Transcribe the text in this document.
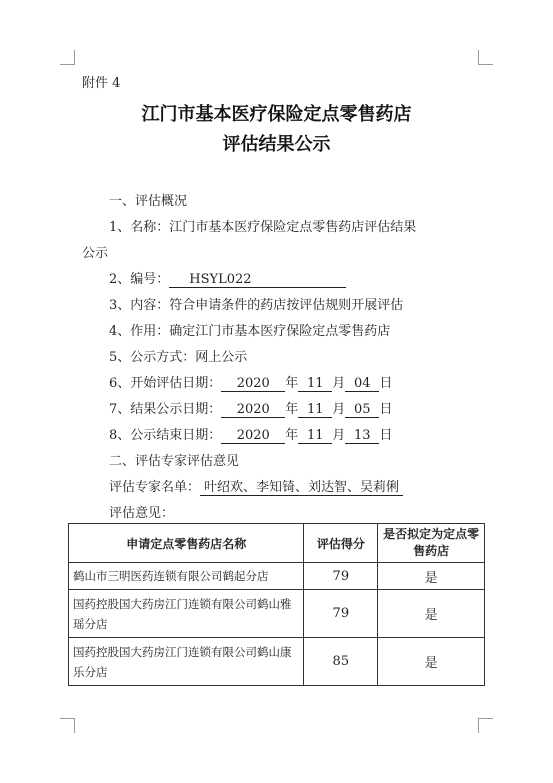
附件 4
江门市基本医疗保险定点零售药店
评估结果公示
一、评估概况
1、名称：江门市基本医疗保险定点零售药店评估结果
公示
2、编号： HSYL022
3、内容：符合申请条件的药店按评估规则开展评估
4、作用：确定江门市基本医疗保险定点零售药店
5、公示方式：网上公示
6、开始评估日期： 2020 年 11 月 04 日
7、结果公示日期： 2020 年 11 月 05 日
8、公示结束日期： 2020 年 11 月 13 日
二、评估专家评估意见
评估专家名单： 叶绍欢、李知锜、刘达智、吴莉俐
评估意见：
申请定点零售药店名称	评估得分	是否拟定为定点零售药店
鹤山市三明医药连锁有限公司鹤起分店	79	是
国药控股国大药房江门连锁有限公司鹤山雅瑶分店	79	是
国药控股国大药房江门连锁有限公司鹤山康乐分店	85	是
